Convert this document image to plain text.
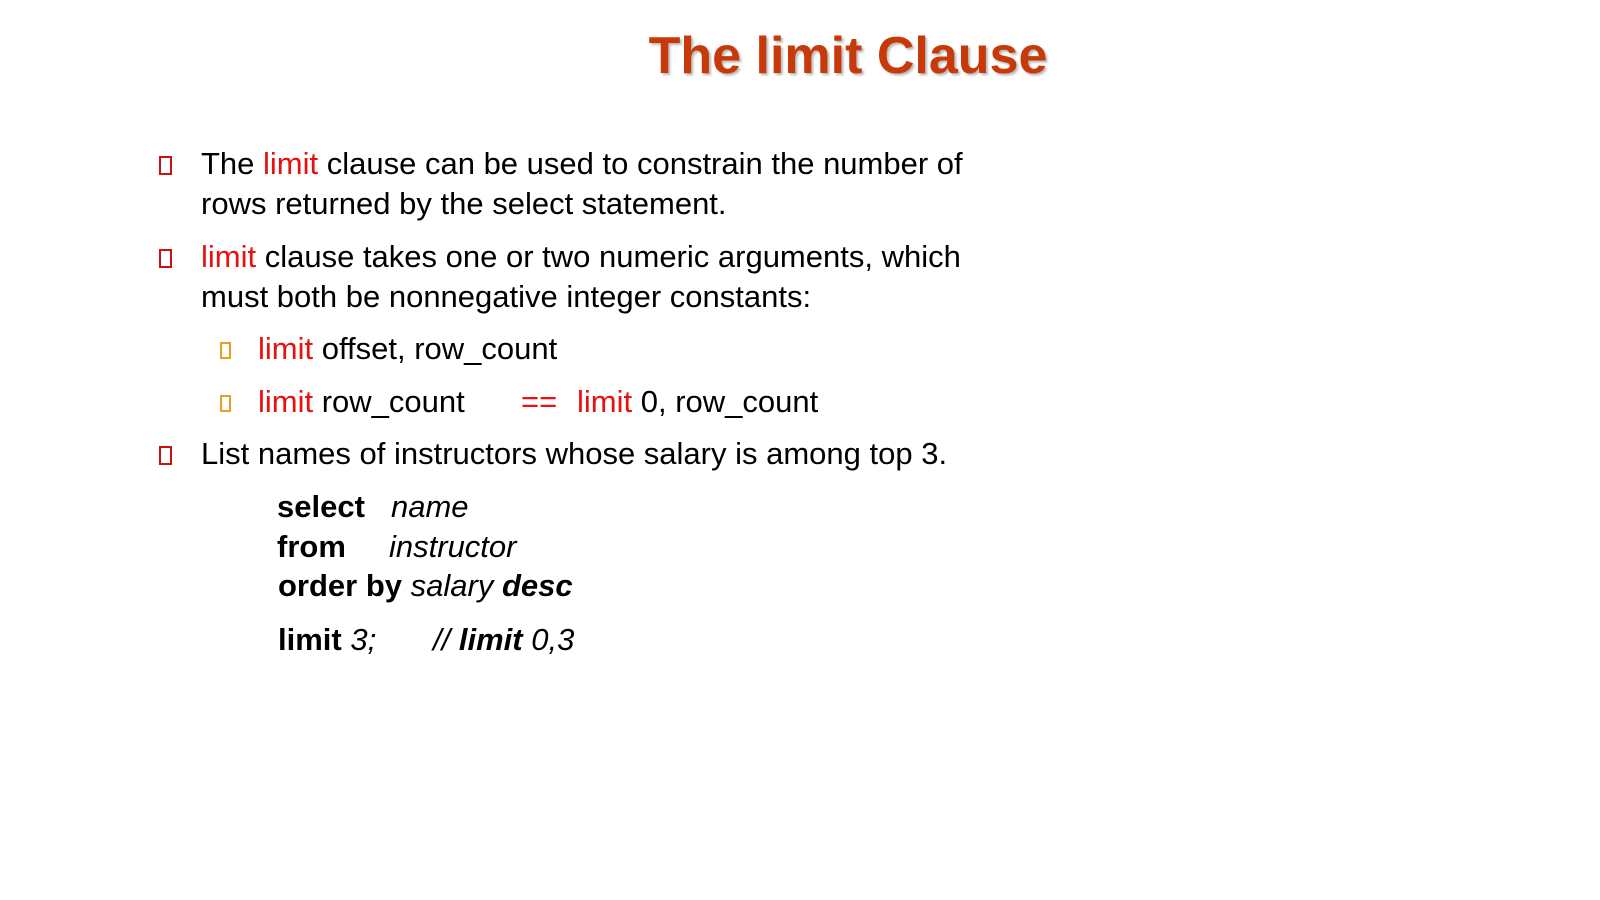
The limit Clause
The limit clause can be used to constrain the number of
rows returned by the select statement.
limit clause takes one or two numeric arguments, which
must both be nonnegative integer constants:
limit offset, row_count
limit row_count == limit 0, row_count
List names of instructors whose salary is among top 3.
select name
from instructor
order by salary desc
limit 3; // limit 0,3
